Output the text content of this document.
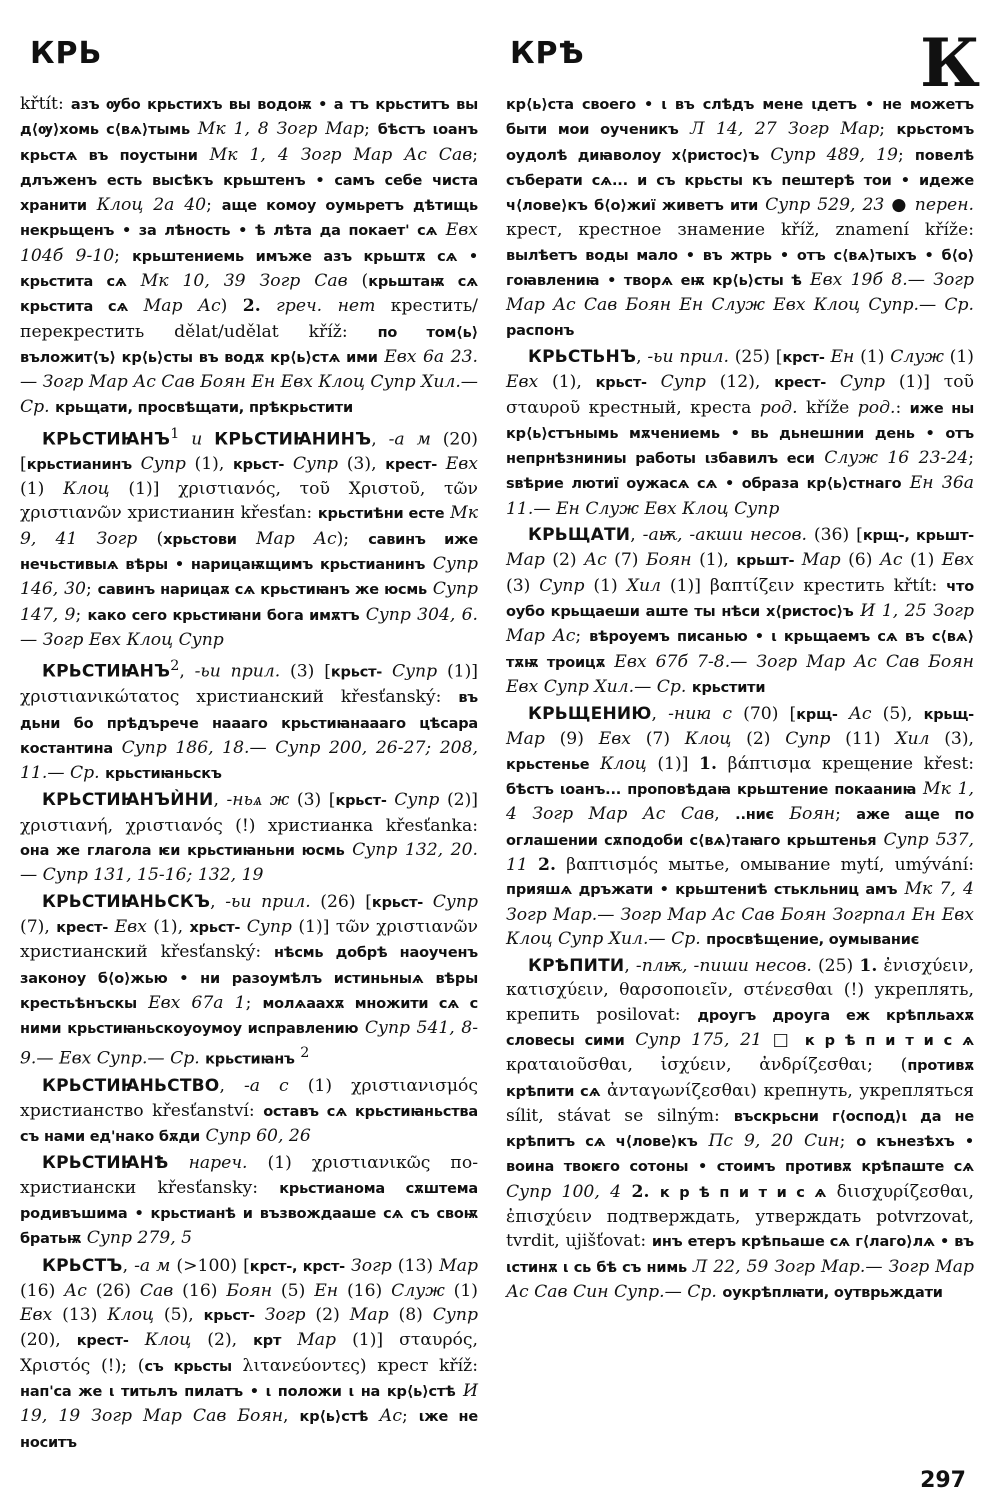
КРЬ	КРѢ	К

křtít: азъ ѹбо крьстихъ вы водоѭ • а тъ крьститъ вы д⟨ѹ⟩хомь с⟨вѧ⟩тымь Мк 1, 8 Зогр Мар; бѣстъ ιоанъ крьстѧ въ поустыни Мк 1, 4 Зогр Мар Ас Сав; длъженъ есть высѣкъ крьштенъ • самъ себе чиста хранити Клоц 2а 40; аще комоу оумьретъ дѣтищь некрьщенъ • за лѣность • ѣ лѣта да покает' сѧ Евх 104б 9-10; крьштениемь имъже азъ крьштѫ сѧ • крьстита сѧ Мк 10, 39 Зогр Сав (крьштаѭ сѧ крьстита сѧ Мар Ас) 2. греч. нет крестить/перекрестить dělat/udělat kříž: по том⟨ь⟩ въложит⟨ъ⟩ кр⟨ь⟩сты въ водѫ кр⟨ь⟩стѧ ими Евх 6а 23.— Зогр Мар Ас Сав Боян Ен Евх Клоц Супр Хил.— Ср. крьщати, просвѣщати, прѣкрьстити

КРЬСТИꙖНЪ$^1$ и КРЬСТИꙖНИНЪ, -а м (20) [крьстианинъ Супр (1), крьст- Супр (3), крест- Евх (1) Клоц (1)] χριστιανός, τοῦ Χριστοῦ, τῶν χριστιανῶν христианин křesťan: крьстиѣни есте Мк 9, 41 Зогр (хрьстови Мар Ас); савинъ иже нечьстивыѧ вѣры • нарицаѭщимъ крьстианинъ Супр 146, 30; савинъ нарицаѫ сѧ крьстиꙗнъ же юсмь Супр 147, 9; како сего крьстиꙗни бога имѫтъ Супр 304, 6.— Зогр Евх Клоц Супр

КРЬСТИꙖНЪ$^2$, -ьи прил. (3) [крьст- Супр (1)] χριστιανικώτατος христианский křesťanský: въ дьни бо прѣдърече наааго крьстиꙗнаааго цѣсара костантина Супр 186, 18.— Супр 200, 26-27; 208, 11.— Ср. крьстиꙗньскъ

КРЬСТИꙖНЪЍНИ, -ньѧ ж (3) [крьст- Супр (2)] χριστιανή, χριστιανός (!) христианка křesťanka: она же глагола ѥи крьстиꙗньни юсмь Супр 132, 20.— Супр 131, 15-16; 132, 19

КРЬСТИꙖНЬСКЪ, -ьи прил. (26) [крьст- Супр (7), крест- Евх (1), хрьст- Супр (1)] τῶν χριστιανῶν христианский křesťanský: нѣсмь добрѣ наоученъ законоу б⟨о⟩жью • ни разоумѣлъ истиньныѧ вѣры крестьѣнъскы Евх 67а 1; молѧаахѫ множити сѧ с ними крьстиꙗньскоуоумоу исправлению Супр 541, 8-9.— Евх Супр.— Ср. крьстиꙗнъ $^2$

КРЬСТИꙖНЬСТВО, -а с (1) χριστιανισμός христианство křesťanství: оставъ сѧ крьстиꙗньства съ нами ед'нако бѫди Супр 60, 26

КРЬСТИꙖНѢ нареч. (1) χριστιανικῶς по-христиански křesťansky: крьстианома сѫштема родивъшима • крьстианѣ и възвождааше сѧ съ своѭ братьѭ Супр 279, 5

КРЬСТЪ, -а м (>100) [крст-, крст- Зогр (13) Мар (16) Ас (26) Сав (16) Боян (5) Ен (16) Служ (1) Евх (13) Клоц (5), крьст- Зогр (2) Мар (8) Супр (20), крест- Клоц (2), крт Мар (1)] σταυρός, Χριστός (!); (съ крьсты λιτανεύοντες) крест kříž: нап'са же ι титьлъ пилатъ • ι положи ι на кр⟨ь⟩стѣ И 19, 19 Зогр Мар Сав Боян, кр⟨ь⟩стѣ Ас; ιже не носитъ

кр⟨ь⟩ста своего • ι въ слѣдъ мене ιдетъ • не можетъ быти мои оученикъ Л 14, 27 Зогр Мар; крьстомъ оудолѣ диꙗволоу х⟨ристос⟩ъ Супр 489, 19; повелѣ съберати сѧ... и съ крьсты къ пештерѣ тои • идеже ч⟨лове⟩къ б⟨о⟩жиї живетъ ити Супр 529, 23 ● перен. крест, крестное знамение kříž, znamení kříže: вылѣетъ воды мало • въ жтрь • отъ с⟨вѧ⟩тыхъ • б⟨о⟩гоꙗвлениꙗ • творѧ еѭ кр⟨ь⟩сты ѣ Евх 19б 8.— Зогр Мар Ас Сав Боян Ен Служ Евх Клоц Супр.— Ср. распонъ

КРЬСТЬНЪ, -ьи прил. (25) [крст- Ен (1) Служ (1) Евх (1), крьст- Супр (12), крест- Супр (1)] τοῦ σταυροῦ крестный, креста род. kříže род.: иже ны кр⟨ь⟩стънымь мѫчениемь • вь дьнешнии день • отъ непрнѣзниниы работы ιзбавилъ еси Служ 16 23-24; ѕвѣрие лютиї оужасѧ сѧ • образа кр⟨ь⟩стнаго Ен 36а 11.— Ен Служ Евх Клоц Супр

КРЬЩАТИ, -аѭ, -акши несов. (36) [крщ-, крьшт- Мар (2) Ас (7) Боян (1), крьшт- Мар (6) Ас (1) Евх (3) Супр (1) Хил (1)] βαπτίζειν крестить křtít: что оубо крьщаеши аште ты нѣси х⟨ристос⟩ъ И 1, 25 Зогр Мар Ас; вѣроуемъ писанью • ι крьщаемъ сѧ въ с⟨вѧ⟩тѫѭ троицѫ Евх 67б 7-8.— Зогр Мар Ас Сав Боян Евх Супр Хил.— Ср. крьстити

КРЬЩЕНИЮ, -ниꙗ с (70) [крщ- Ас (5), крьщ- Мар (9) Евх (7) Клоц (2) Супр (11) Хил (3), крьстенье Клоц (1)] 1. βάπτισμα крещение křest: бѣстъ ιоанъ... проповѣдаꙗ крьштение покааниꙗ Мк 1, 4 Зогр Мар Ас Сав, ..ниє Боян; аже аще по оглашении сѫподоби с⟨вѧ⟩таꙗго крьштенья Супр 537, 11 2. βαπτισμός мытье, омывание mytí, umývání: прияшѧ дръжати • крьштениѣ стькльниц амъ Мк 7, 4 Зогр Мар.— Зогр Мар Ас Сав Боян Зогрпал Ен Евх Клоц Супр Хил.— Ср. просвѣщение, оумываниє

КРѢПИТИ, -плѭ, -пиши несов. (25) 1. ἐνισχύειν, κατισχύειν, θαρσοποιεῖν, στένεσθαι (!) укреплять, крепить posilovat: дроугъ дроуга еж крѣпльахѫ словесы сими Супр 175, 21 □ к р ѣ п и т и с ѧ κραταιοῦσθαι, ἰσχύειν, ἀνδρίζεσθαι; (противѫ крѣпити сѧ ἀνταγωνίζεσθαι) крепнуть, укрепляться sílit, stávat se silným: въскрьсни г⟨оспод⟩ι да не крѣпитъ сѧ ч⟨лове⟩къ Пс 9, 20 Син; о кънезѣхъ • воина твоѥго сотоны • стоимъ противѫ крѣпаште сѧ Супр 100, 4 2. к р ѣ п и т и с ѧ διισχυρίζεσθαι, ἐπισχύειν подтверждать, утверждать potvrzovat, tvrdit, ujišťovat: инъ етеръ крѣпьаше сѧ г⟨лаго⟩лѧ • въ ιстинѫ ι сь бѣ съ нимь Л 22, 59 Зогр Мар.— Зогр Мар Ас Сав Син Супр.— Ср. оукрѣплꙗти, оутврьждати

297
